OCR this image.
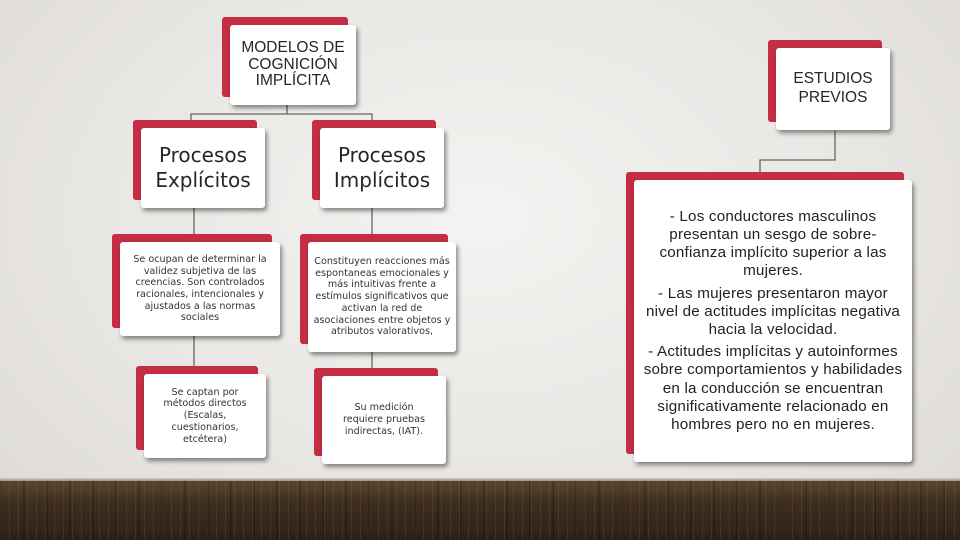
MODELOS DE COGNICIÓN IMPLÍCITA	ESTUDIOS PREVIOS
Procesos Explícitos
Procesos Implícitos
Se ocupan de determinar la validez subjetiva de las creencias. Son controlados racionales, intencionales y ajustados a las normas sociales
Constituyen reacciones más espontaneas emocionales y más intuitivas frente a estímulos significativos que activan la red de asociaciones entre objetos y atributos valorativos,
Se captan por métodos directos (Escalas, cuestionarios, etcétera)
Su medición requiere pruebas indirectas, (IAT).

- Los conductores masculinos presentan un sesgo de sobre-confianza implícito superior a las mujeres.

- Las mujeres presentaron mayor nivel de actitudes implícitas negativa hacia la velocidad.

- Actitudes implícitas y autoinformes sobre comportamientos y habilidades en la conducción se encuentran significativamente relacionado en hombres pero no en mujeres.
